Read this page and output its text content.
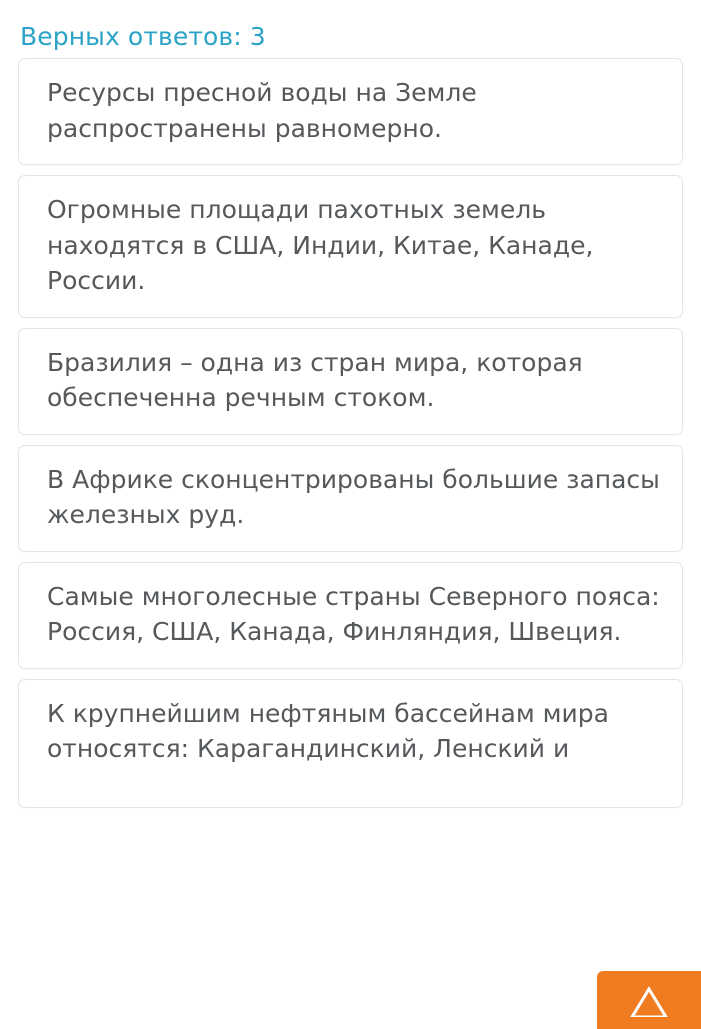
Верных ответов: 3
Ресурсы пресной воды на Земле распространены равномерно.
Огромные площади пахотных земель находятся в США, Индии, Китае, Канаде, России.
Бразилия – одна из стран мира, которая обеспеченна речным стоком.
В Африке сконцентрированы большие запасы железных руд.
Самые многолесные страны Северного пояса: Россия, США, Канада, Финляндия, Швеция.
К крупнейшим нефтяным бассейнам мира относятся: Карагандинский, Ленский и
